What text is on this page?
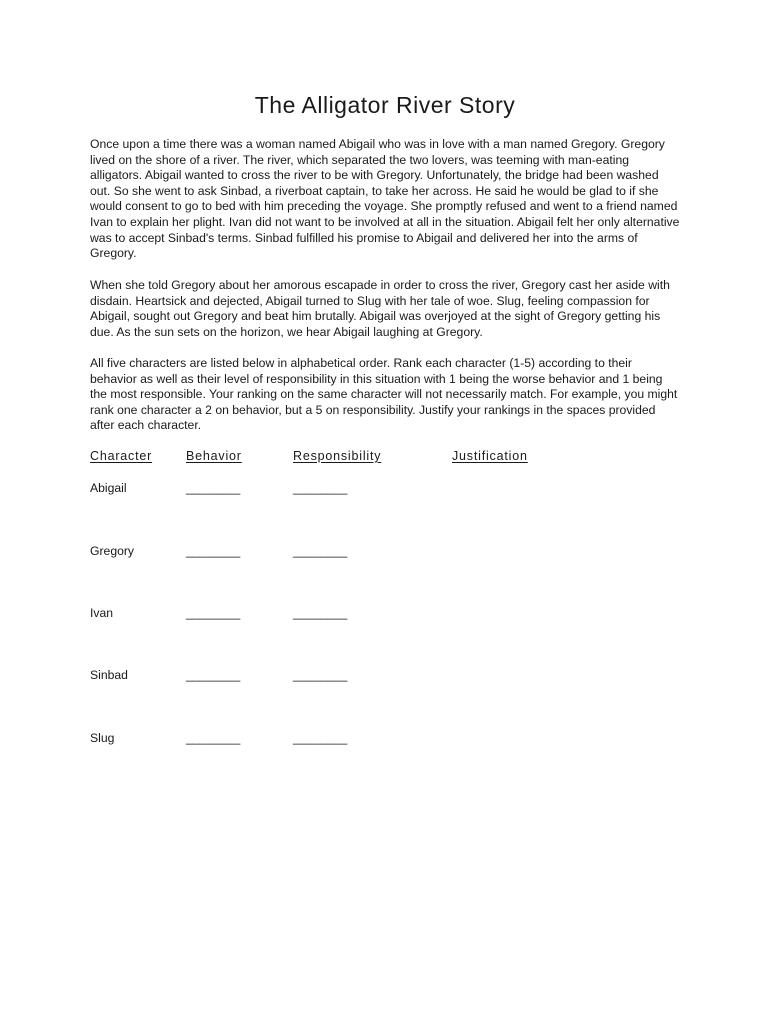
The Alligator River Story

Once upon a time there was a woman named Abigail who was in love with a man named Gregory. Gregory lived on the shore of a river. The river, which separated the two lovers, was teeming with man-eating alligators. Abigail wanted to cross the river to be with Gregory. Unfortunately, the bridge had been washed out. So she went to ask Sinbad, a riverboat captain, to take her across. He said he would be glad to if she would consent to go to bed with him preceding the voyage. She promptly refused and went to a friend named Ivan to explain her plight. Ivan did not want to be involved at all in the situation. Abigail felt her only alternative was to accept Sinbad's terms. Sinbad fulfilled his promise to Abigail and delivered her into the arms of Gregory.

When she told Gregory about her amorous escapade in order to cross the river, Gregory cast her aside with disdain. Heartsick and dejected, Abigail turned to Slug with her tale of woe. Slug, feeling compassion for Abigail, sought out Gregory and beat him brutally. Abigail was overjoyed at the sight of Gregory getting his due. As the sun sets on the horizon, we hear Abigail laughing at Gregory.

All five characters are listed below in alphabetical order. Rank each character (1-5) according to their behavior as well as their level of responsibility in this situation with 1 being the worse behavior and 1 being the most responsible. Your ranking on the same character will not necessarily match. For example, you might rank one character a 2 on behavior, but a 5 on responsibility. Justify your rankings in the spaces provided after each character.

Character	Behavior	Responsibility	Justification
Abigail	________	________
Gregory	________	________
Ivan	________	________
Sinbad	________	________
Slug	________	________
